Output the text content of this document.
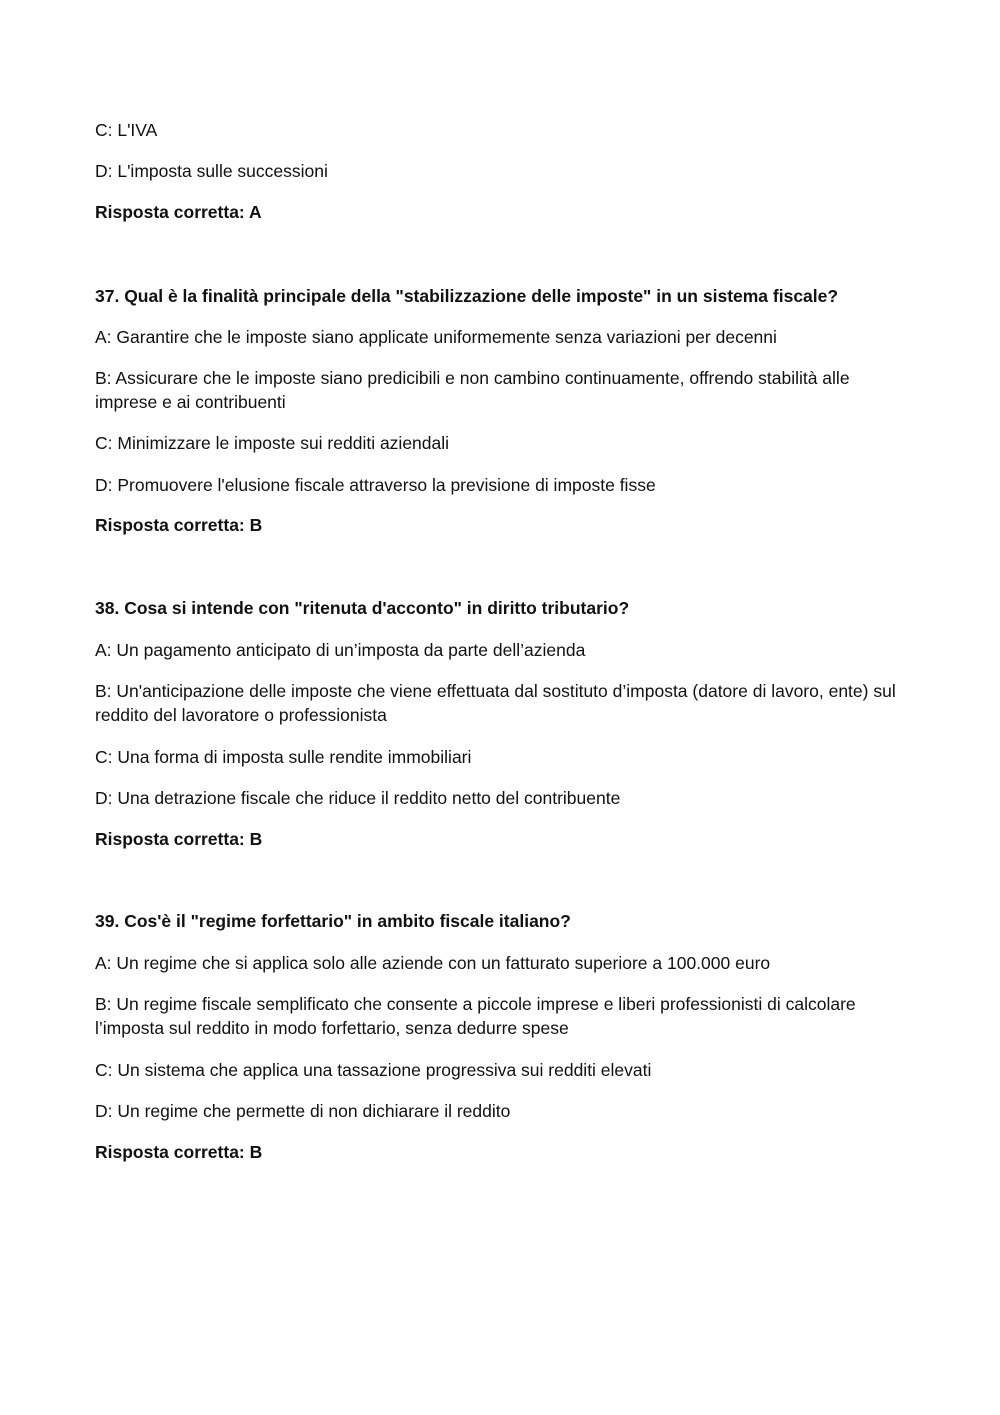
C: L'IVA

D: L'imposta sulle successioni

Risposta corretta: A

37. Qual è la finalità principale della "stabilizzazione delle imposte" in un sistema fiscale?

A: Garantire che le imposte siano applicate uniformemente senza variazioni per decenni

B: Assicurare che le imposte siano predicibili e non cambino continuamente, offrendo stabilità alle imprese e ai contribuenti

C: Minimizzare le imposte sui redditi aziendali

D: Promuovere l'elusione fiscale attraverso la previsione di imposte fisse

Risposta corretta: B

38. Cosa si intende con "ritenuta d'acconto" in diritto tributario?

A: Un pagamento anticipato di un’imposta da parte dell’azienda

B: Un'anticipazione delle imposte che viene effettuata dal sostituto d’imposta (datore di lavoro, ente) sul reddito del lavoratore o professionista

C: Una forma di imposta sulle rendite immobiliari

D: Una detrazione fiscale che riduce il reddito netto del contribuente

Risposta corretta: B

39. Cos'è il "regime forfettario" in ambito fiscale italiano?

A: Un regime che si applica solo alle aziende con un fatturato superiore a 100.000 euro

B: Un regime fiscale semplificato che consente a piccole imprese e liberi professionisti di calcolare l’imposta sul reddito in modo forfettario, senza dedurre spese

C: Un sistema che applica una tassazione progressiva sui redditi elevati

D: Un regime che permette di non dichiarare il reddito

Risposta corretta: B
